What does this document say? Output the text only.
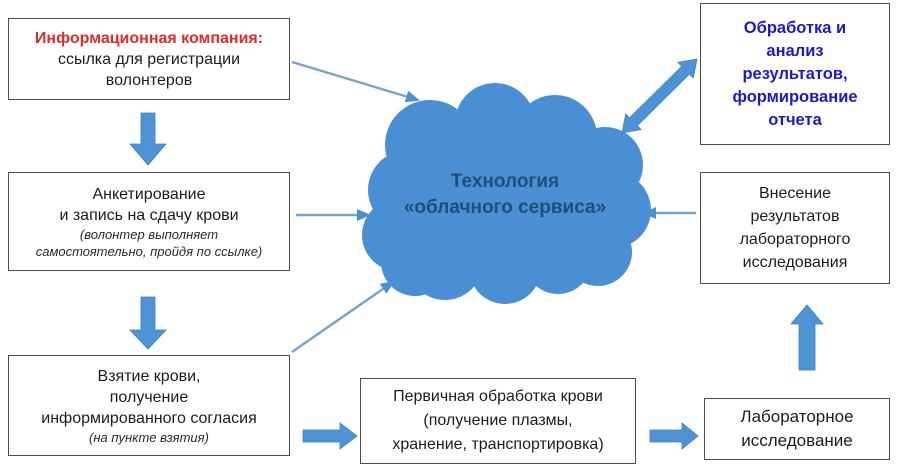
Технология
«облачного сервиса»
Информационная компания:
ссылка для регистрации
волонтеров
Анкетирование
и запись на сдачу крови
(волонтер выполняет
самостоятельно, пройдя по ссылке)
Взятие крови,
получение
информированного согласия
(на пункте взятия)
Обработка и
анализ
результатов,
формирование
отчета
Внесение
результатов
лабораторного
исследования
Первичная обработка крови
(получение плазмы,
хранение, транспортировка)
Лабораторное
исследование
